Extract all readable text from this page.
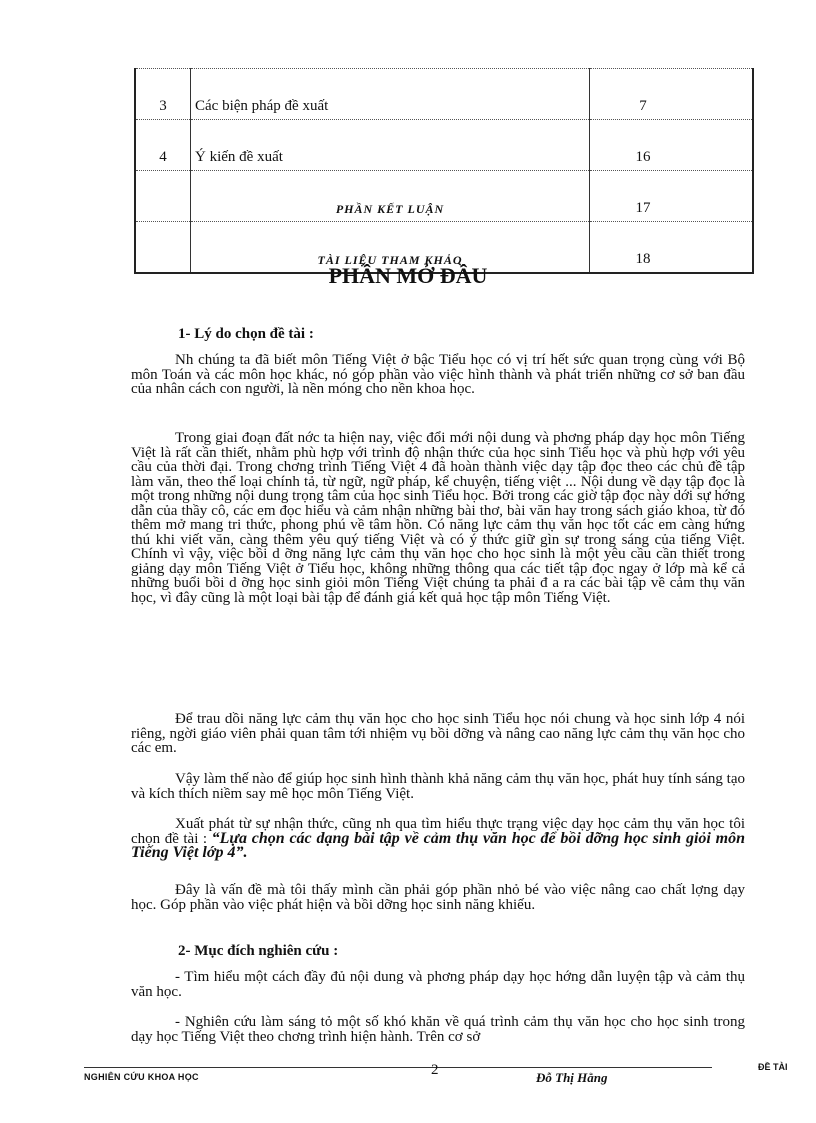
3	Các biện pháp đề xuất	7
4	Ý kiến đề xuất	16
	PHẦN KẾT LUẬN	17
	TÀI LIỆU THAM KHẢO	18
PHẦN MỞ ĐẦU
1- Lý do chọn đề tài :

Nh chúng ta đã biết môn Tiếng Việt ở bậc Tiểu học có vị trí hết sức quan trọng cùng với Bộ môn Toán và các môn học khác, nó góp phần vào việc hình thành và phát triển những cơ sở ban đầu của nhân cách con người, là nền móng cho nền khoa học.

Trong giai đoạn đất nớc ta hiện nay, việc đổi mới nội dung và phơng pháp dạy học môn Tiếng Việt là rất cần thiết, nhằm phù hợp với trình độ nhận thức của học sinh Tiểu học và phù hợp với yêu cầu của thời đại. Trong chơng trình Tiếng Việt 4 đã hoàn thành việc dạy tập đọc theo các chủ đề tập làm văn, theo thể loại chính tả, từ ngữ, ngữ pháp, kể chuyện, tiếng việt ... Nội dung về dạy tập đọc là một trong những nội dung trọng tâm của học sinh Tiểu học. Bởi trong các giờ tập đọc này dới sự hớng dẫn của thầy cô, các em đọc hiểu và cảm nhận những bài thơ, bài văn hay trong sách giáo khoa, từ đó thêm mở mang tri thức, phong phú về tâm hồn. Có năng lực cảm thụ văn học tốt các em càng hứng thú khi viết văn, càng thêm yêu quý tiếng Việt và có ý thức giữ gìn sự trong sáng của tiếng Việt. Chính vì vậy, việc bồi d ỡng năng lực cảm thụ văn học cho học sinh là một yêu cầu cần thiết trong giảng dạy môn Tiếng Việt ở Tiểu học, không những thông qua các tiết tập đọc ngay ở lớp mà kể cả những buổi bồi d ỡng học sinh giỏi môn Tiếng Việt chúng ta phải đ a ra các bài tập về cảm thụ văn học, vì đây cũng là một loại bài tập để đánh giá kết quả học tập môn Tiếng Việt.

Để trau dồi năng lực cảm thụ văn học cho học sinh Tiểu học nói chung và học sinh lớp 4 nói riêng, ngời giáo viên phải quan tâm tới nhiệm vụ bồi dỡng và nâng cao năng lực cảm thụ văn học cho các em.

Vậy làm thế nào để giúp học sinh hình thành khả năng cảm thụ văn học, phát huy tính sáng tạo và kích thích niềm say mê học môn Tiếng Việt.

Xuất phát từ sự nhận thức, cũng nh qua tìm hiểu thực trạng việc dạy học cảm thụ văn học tôi chọn đề tài : “Lựa chọn các dạng bài tập về cảm thụ văn học để bồi dỡng học sinh giỏi môn Tiếng Việt lớp 4”.

Đây là vấn đề mà tôi thấy mình cần phải góp phần nhỏ bé vào việc nâng cao chất lợng dạy học. Góp phần vào việc phát hiện và bồi dỡng học sinh năng khiếu.

2- Mục đích nghiên cứu :

- Tìm hiểu một cách đầy đủ nội dung và phơng pháp dạy học hớng dẫn luyện tập và cảm thụ văn học.

- Nghiên cứu làm sáng tỏ một số khó khăn về quá trình cảm thụ văn học cho học sinh trong dạy học Tiếng Việt theo chơng trình hiện hành. Trên cơ sở

NGHIÊN CỨU KHOA HỌC	2	Đỗ Thị Hằng
ĐỀ TÀI
